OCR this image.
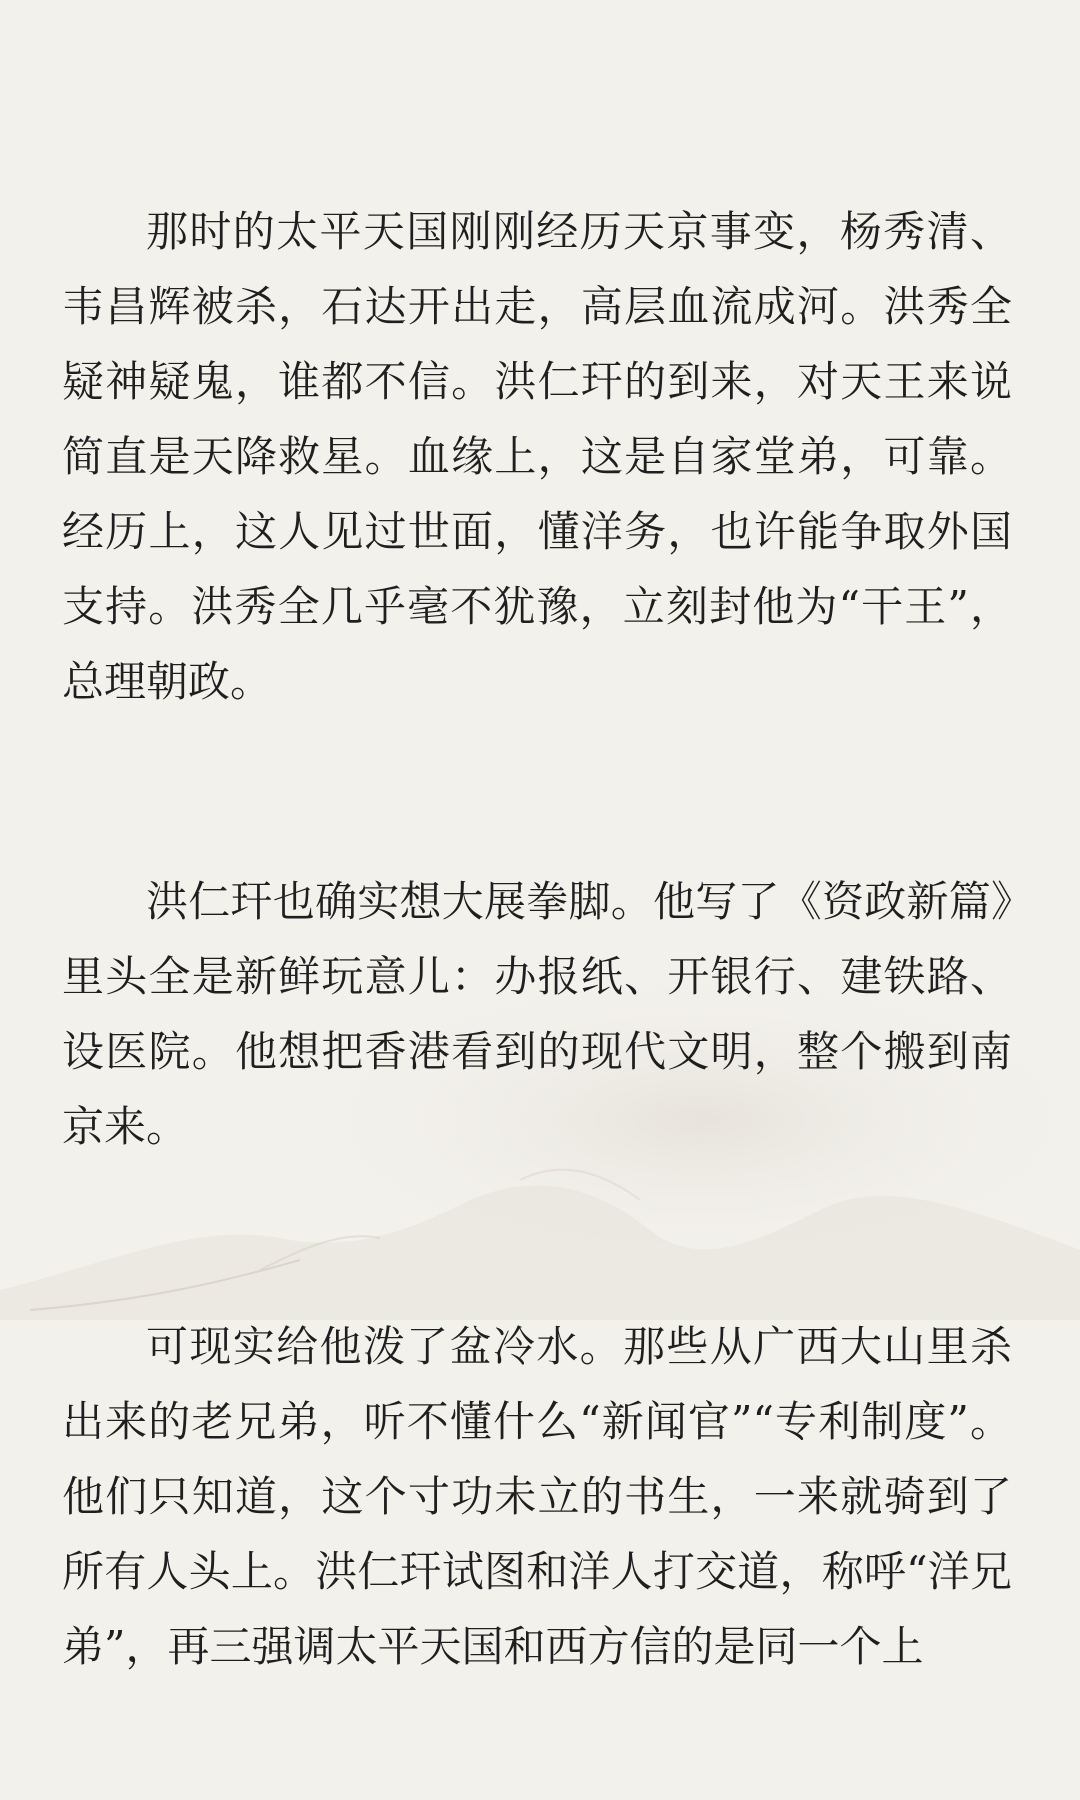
那时的太平天国刚刚经历天京事变，杨秀清、韦昌辉被杀，石达开出走，高层血流成河。洪秀全疑神疑鬼，谁都不信。洪仁玕的到来，对天王来说简直是天降救星。血缘上，这是自家堂弟，可靠。经历上，这人见过世面，懂洋务，也许能争取外国支持。洪秀全几乎毫不犹豫，立刻封他为“干王”，总理朝政。

洪仁玕也确实想大展拳脚。他写了《资政新篇》里头全是新鲜玩意儿：办报纸、开银行、建铁路、设医院。他想把香港看到的现代文明，整个搬到南京来。

可现实给他泼了盆冷水。那些从广西大山里杀出来的老兄弟，听不懂什么“新闻官”“专利制度”。他们只知道，这个寸功未立的书生，一来就骑到了所有人头上。洪仁玕试图和洋人打交道，称呼“洋兄弟”，再三强调太平天国和西方信的是同一个上
